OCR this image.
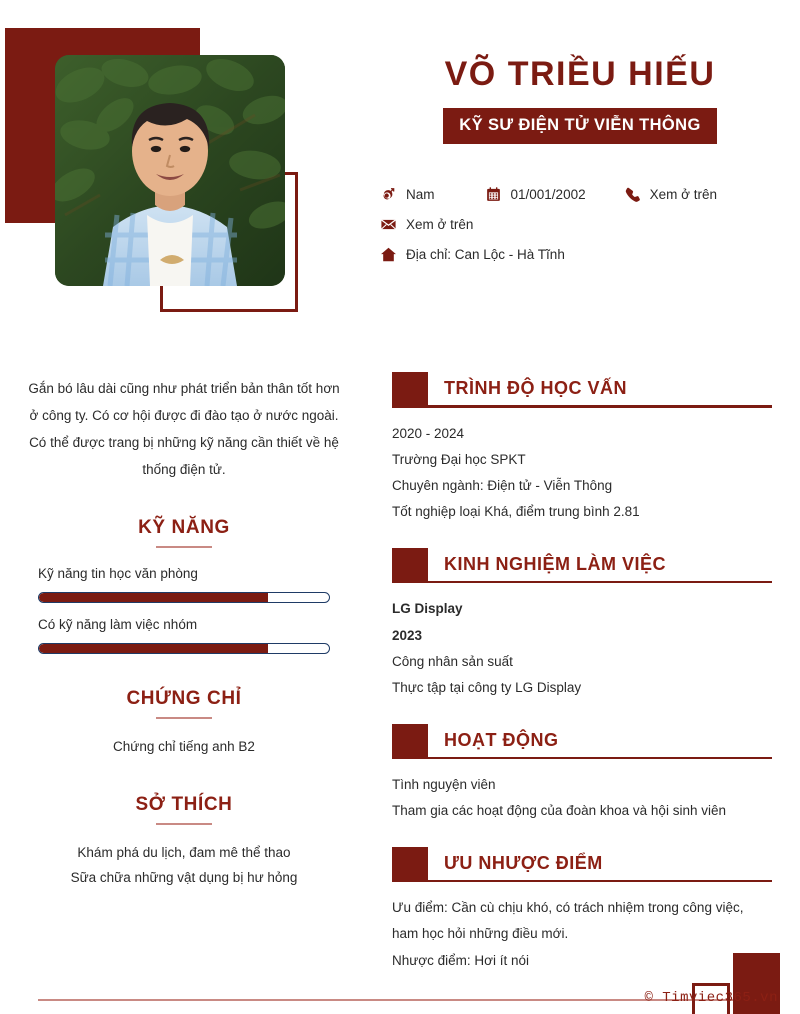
VÕ TRIỀU HIẾU
KỸ SƯ ĐIỆN TỬ VIỄN THÔNG
Nam	01/001/2002	Xem ở trên
Xem ở trên
Địa chỉ: Can Lộc - Hà Tĩnh
Gắn bó lâu dài cũng như phát triển bản thân tốt hơn ở công ty. Có cơ hội được đi đào tạo ở nước ngoài. Có thể được trang bị những kỹ năng cần thiết về hệ thống điện tử.
KỸ NĂNG
Kỹ năng tin học văn phòng
Có kỹ năng làm việc nhóm
CHỨNG CHỈ
Chứng chỉ tiếng anh B2
SỞ THÍCH
Khám phá du lịch, đam mê thể thao
Sữa chữa những vật dụng bị hư hỏng
TRÌNH ĐỘ HỌC VẤN
2020 - 2024
Trường Đại học SPKT
Chuyên ngành: Điện tử - Viễn Thông
Tốt nghiệp loại Khá, điểm trung bình 2.81
KINH NGHIỆM LÀM VIỆC
LG Display
2023
Công nhân sản suất
Thực tập tại công ty LG Display
HOẠT ĐỘNG
Tình nguyện viên
Tham gia các hoạt động của đoàn khoa và hội sinh viên
ƯU NHƯỢC ĐIỂM
Ưu điểm: Cần cù chịu khó, có trách nhiệm trong công việc, ham học hỏi những điều mới.
Nhược điểm: Hơi ít nói
© Timviec365.vn
